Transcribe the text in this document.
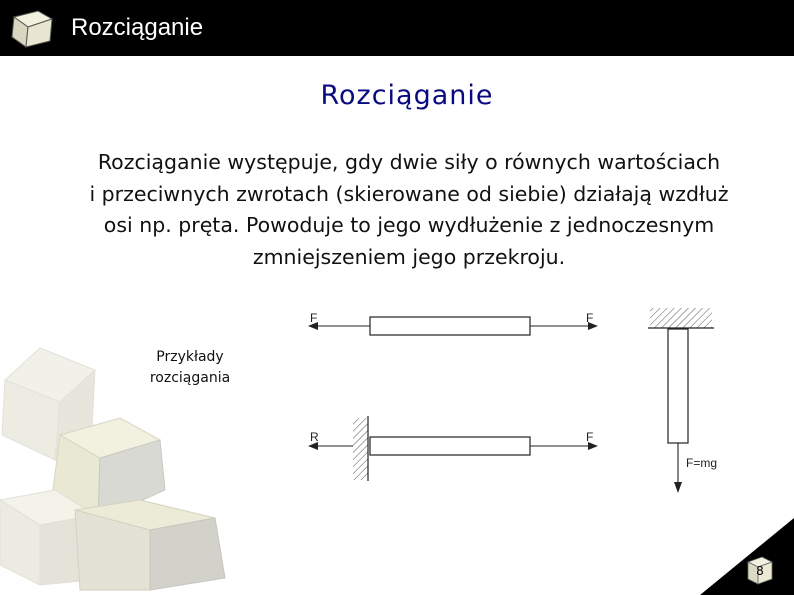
Rozciąganie
Rozciąganie
Rozciąganie występuje, gdy dwie siły o równych wartościach
i przeciwnych zwrotach (skierowane od siebie) działają wzdłuż
osi np. pręta. Powoduje to jego wydłużenie z jednoczesnym
zmniejszeniem jego przekroju.
Przykłady
rozciągania
F	F
R	F
F=mg
8
